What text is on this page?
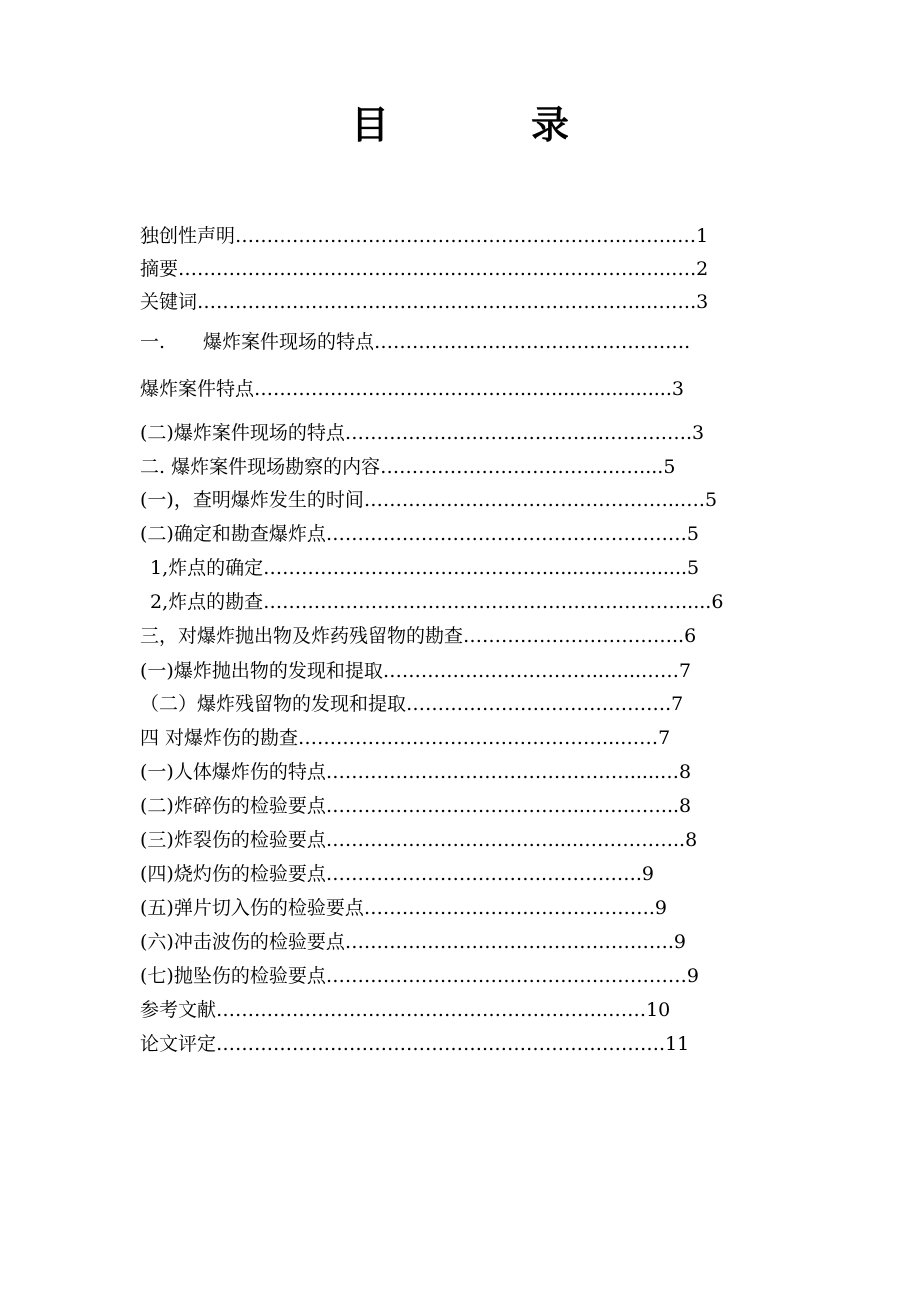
目　录
独创性声明……………………………………………………..……..…1
摘要…………………………………….……………………………..….2
关键词……………………………………………………………...…….3
一.　　爆炸案件现场的特点……………………………………….….
爆炸案件特点……………………………………..…....................3
(二)爆炸案件现场的特点…………………………………..……….….3
二. 爆炸案件现场勘察的内容………………………………..…....5
(一)，查明爆炸发生的时间…………………………………………..….5
(二)确定和勘查爆炸点…………………………………………………5
1,炸点的确定……………………………………….......................5
2,炸点的勘查………………………………………………………….....6
三，对爆炸抛出物及炸药残留物的勘查……………………………..6
(一)爆炸抛出物的发现和提取……………………………..…...……7
（二）爆炸残留物的发现和提取…………………..……………….7
四 对爆炸伤的勘查…………………………………………...……7
(一)人体爆炸伤的特点………………………………………….....…8
(二)炸碎伤的检验要点…………………………………..…………...8
(三)炸裂伤的检验要点………………………………....……………..8
(四)烧灼伤的检验要点…………………………….…………….9
(五)弹片切入伤的检验要点……………………………………….9
(六)冲击波伤的检验要点…………………………………………….9
(七)抛坠伤的检验要点…………………………………………………9
参考文献……………………………………………………..……10
论文评定…………………………………….……………………….11
